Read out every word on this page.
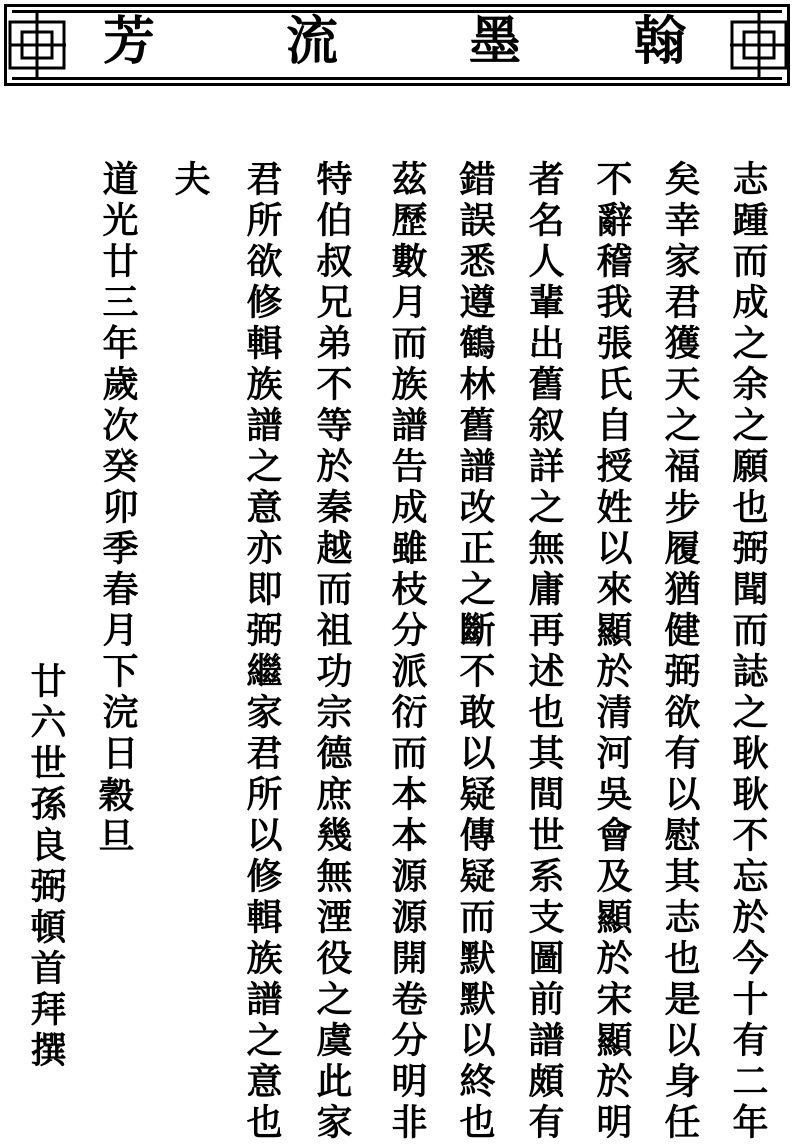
翰
墨
流
芳
志踵而成之余之願也弼聞而誌之耿耿不忘於今十有二年
矣幸家君獲天之福步履猶健弼欲有以慰其志也是以身任
不辭稽我張氏自授姓以來顯於清河吳會及顯於宋顯於明
者名人輩出舊叙詳之無庸再述也其間世系支圖前譜頗有
錯誤悉遵鶴林舊譜改正之斷不敢以疑傳疑而默默以終也
茲歷數月而族譜告成雖枝分派衍而本本源源開卷分明非
特伯叔兄弟不等於秦越而祖功宗德庶幾無湮役之虞此家
君所欲修輯族譜之意亦即弼繼家君所以修輯族譜之意也
夫
道光廿三年歲次癸卯季春月下浣日
穀旦
廿六世孫良弼頓首拜撰
